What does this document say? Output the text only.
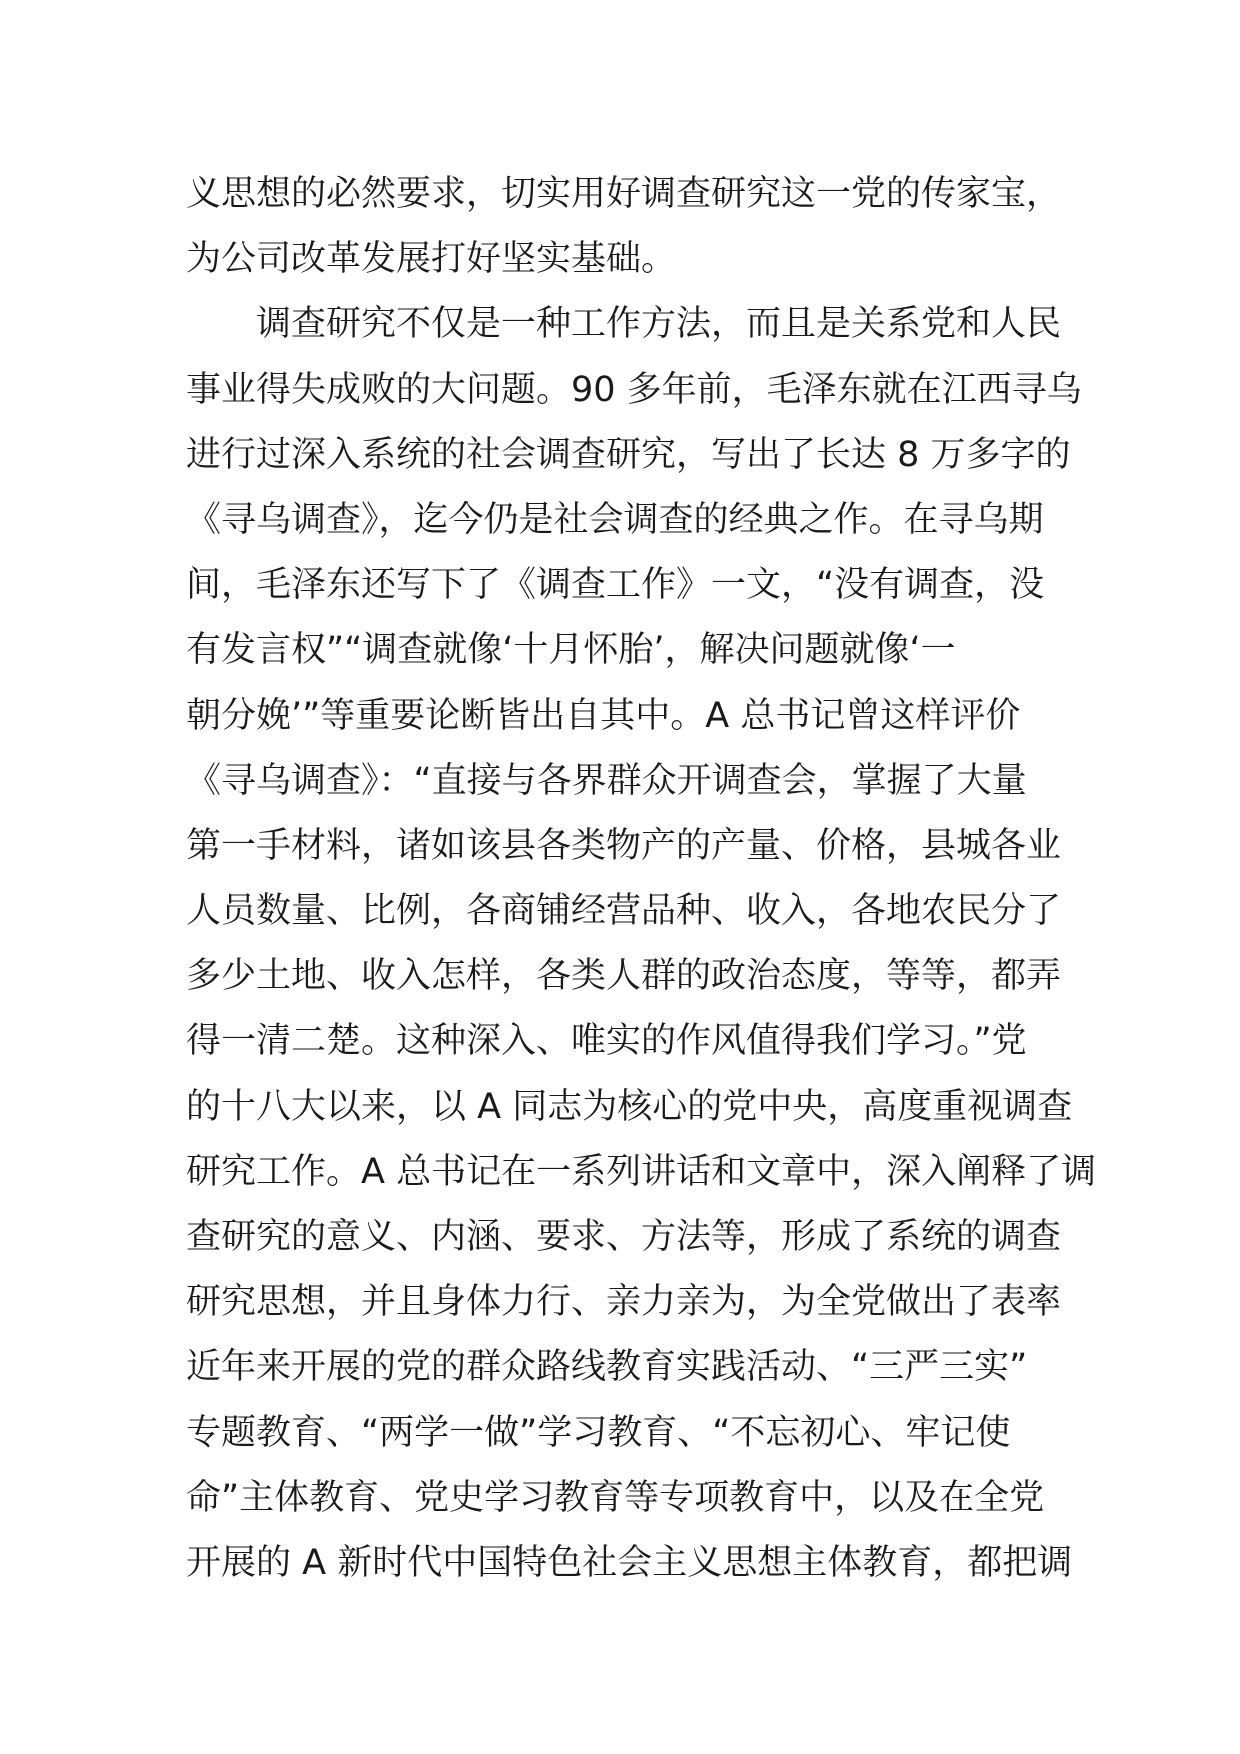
义思想的必然要求，切实用好调查研究这一党的传家宝，
为公司改革发展打好坚实基础。
调查研究不仅是一种工作方法，而且是关系党和人民
事业得失成败的大问题。90 多年前，毛泽东就在江西寻乌
进行过深入系统的社会调查研究，写出了长达 8 万多字的
《寻乌调查》，迄今仍是社会调查的经典之作。在寻乌期
间，毛泽东还写下了《调查工作》一文，“没有调查，没
有发言权”“调查就像‘十月怀胎’，解决问题就像‘一
朝分娩’”等重要论断皆出自其中。A 总书记曾这样评价
《寻乌调查》：“直接与各界群众开调查会，掌握了大量
第一手材料，诸如该县各类物产的产量、价格，县城各业
人员数量、比例，各商铺经营品种、收入，各地农民分了
多少土地、收入怎样，各类人群的政治态度，等等，都弄
得一清二楚。这种深入、唯实的作风值得我们学习。”党
的十八大以来，以 A 同志为核心的党中央，高度重视调查
研究工作。A 总书记在一系列讲话和文章中，深入阐释了调
查研究的意义、内涵、要求、方法等，形成了系统的调查
研究思想，并且身体力行、亲力亲为，为全党做出了表率
近年来开展的党的群众路线教育实践活动、“三严三实”
专题教育、“两学一做”学习教育、“不忘初心、牢记使
命”主体教育、党史学习教育等专项教育中，以及在全党
开展的 A 新时代中国特色社会主义思想主体教育，都把调
